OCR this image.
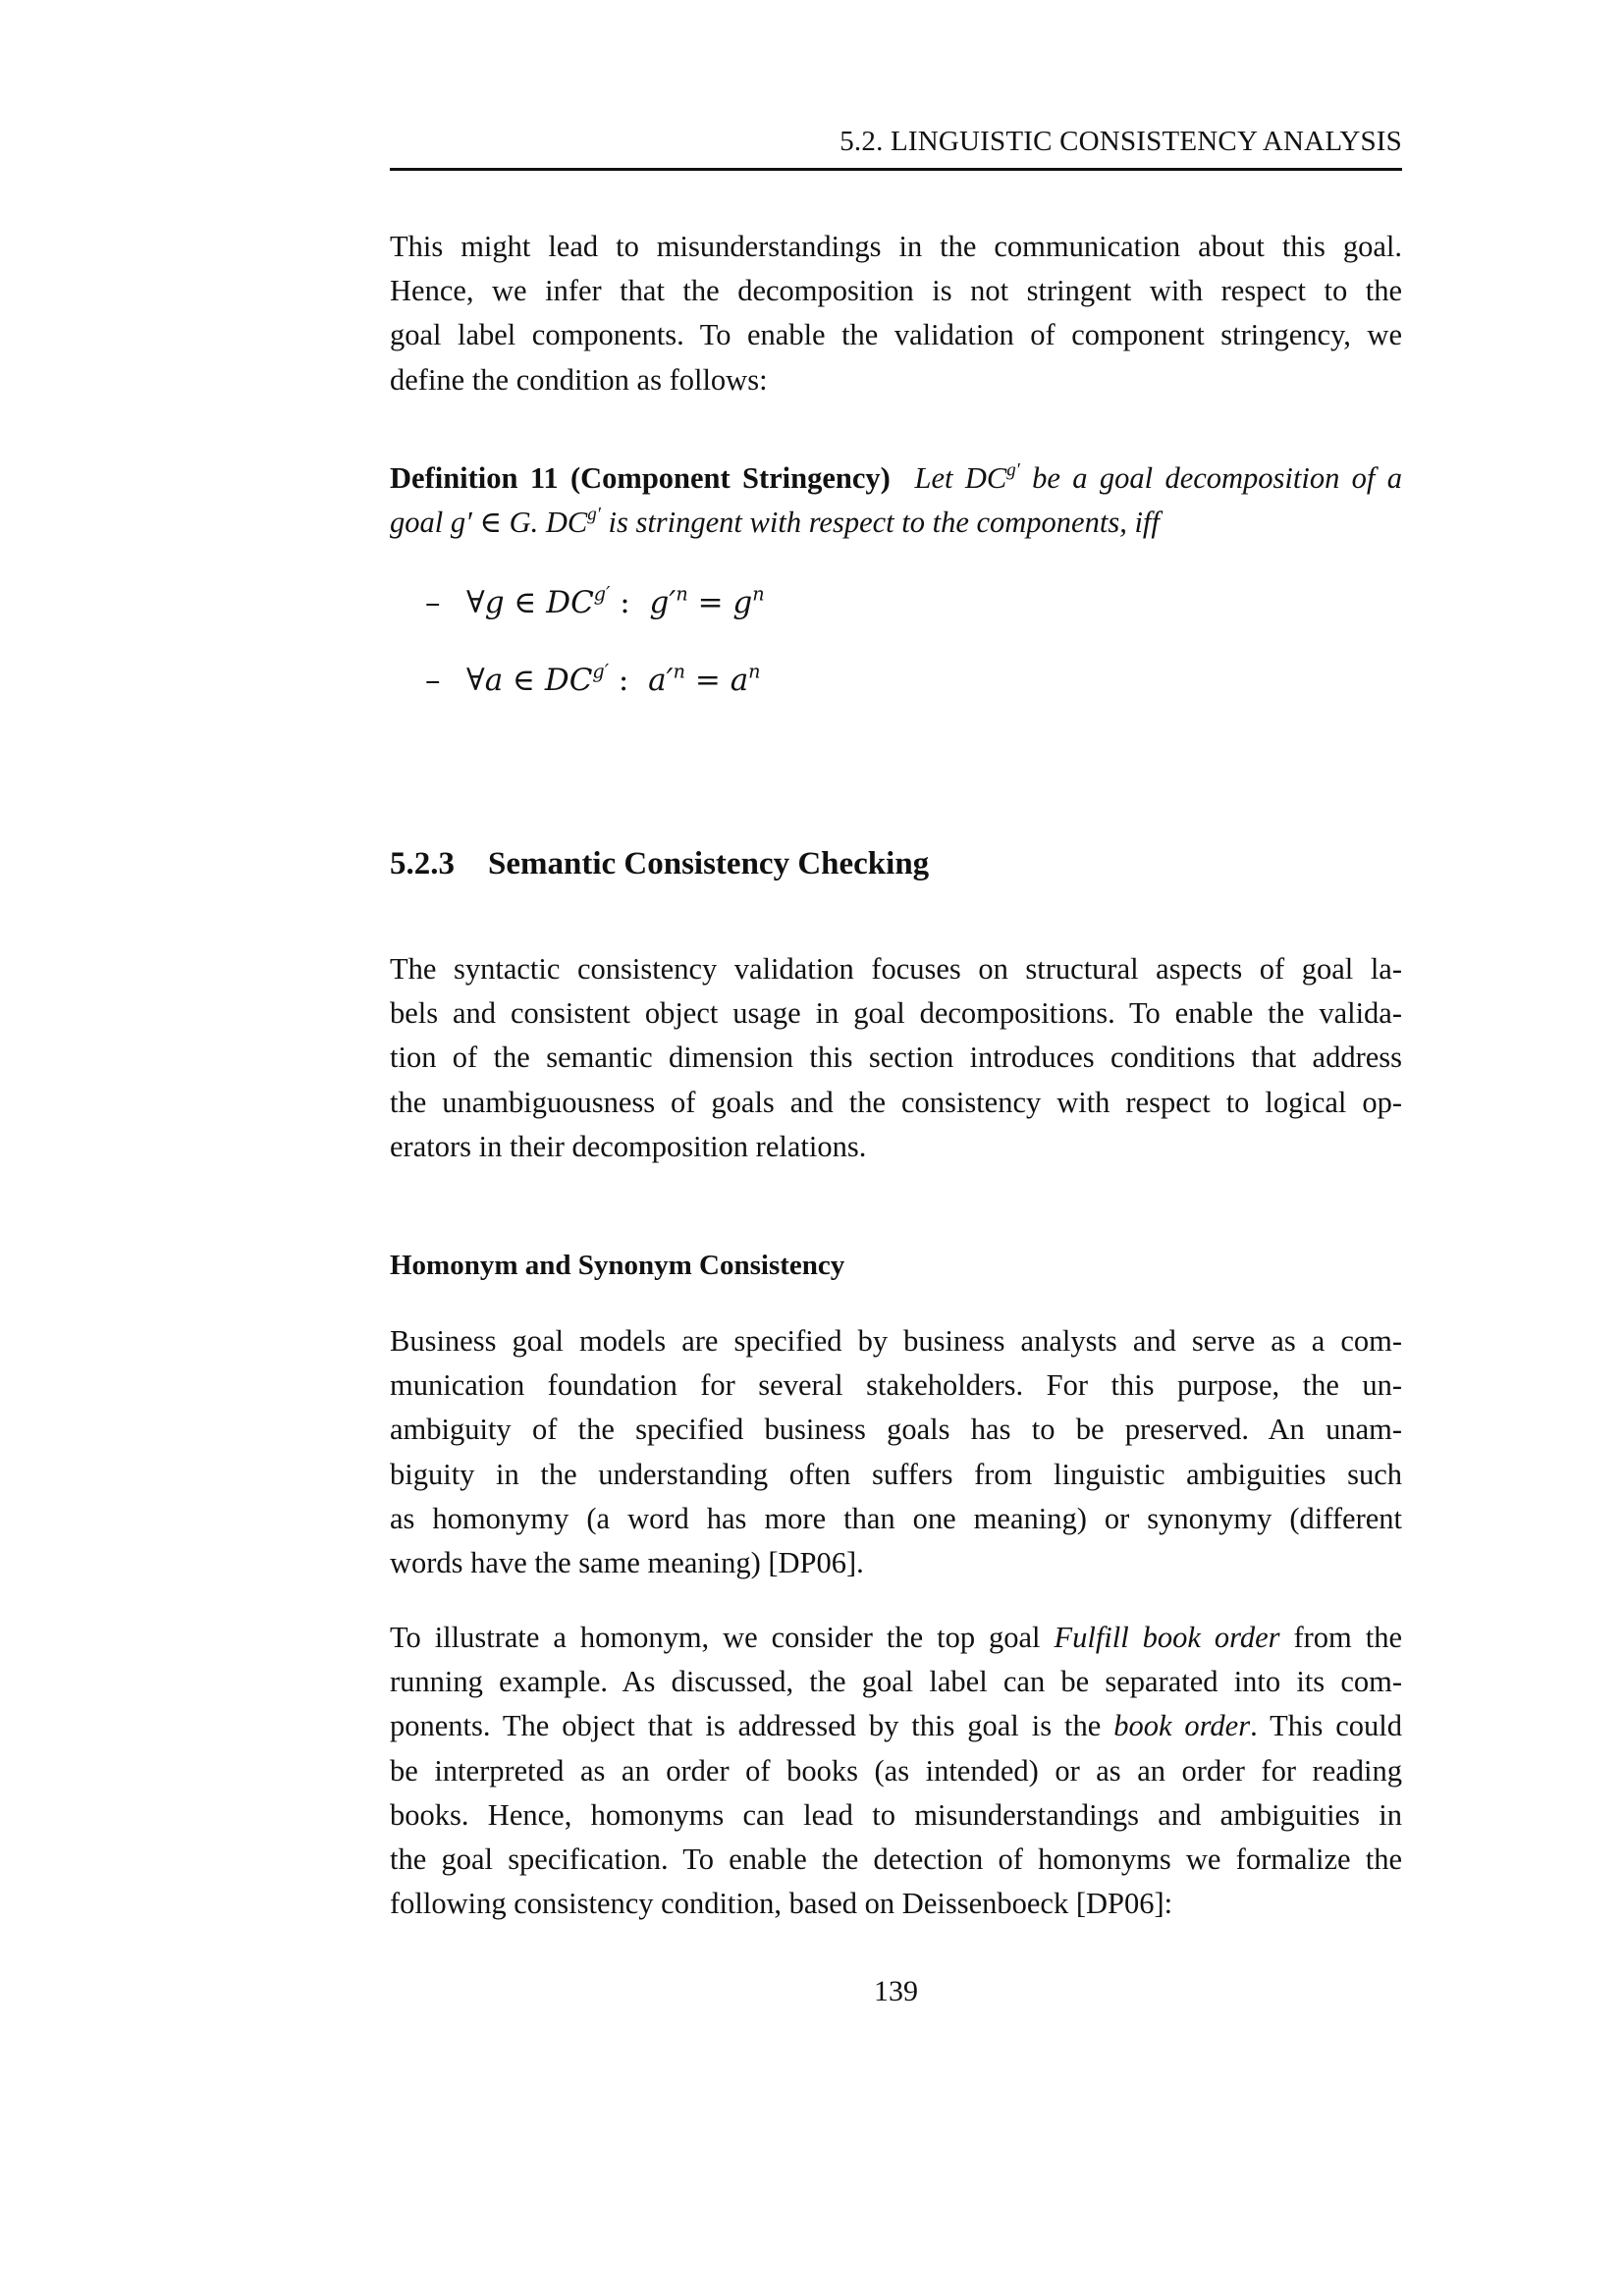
5.2. LINGUISTIC CONSISTENCY ANALYSIS
This might lead to misunderstandings in the communication about this goal.
Hence, we infer that the decomposition is not stringent with respect to the
goal label components. To enable the validation of component stringency, we
define the condition as follows:
Definition 11 (Component Stringency) Let $DC^{g'}$ be a goal decomposition of a
goal g′ ∈ G. $DC^{g'}$ is stringent with respect to the components, iff
– ∀g ∈ $DC^{g'}$ :  $g'^n = g^n$
– ∀a ∈ $DC^{g'}$ :  $a'^n = a^n$
5.2.3 Semantic Consistency Checking
The syntactic consistency validation focuses on structural aspects of goal la-
bels and consistent object usage in goal decompositions. To enable the valida-
tion of the semantic dimension this section introduces conditions that address
the unambiguousness of goals and the consistency with respect to logical op-
erators in their decomposition relations.
Homonym and Synonym Consistency
Business goal models are specified by business analysts and serve as a com-
munication foundation for several stakeholders. For this purpose, the un-
ambiguity of the specified business goals has to be preserved. An unam-
biguity in the understanding often suffers from linguistic ambiguities such
as homonymy (a word has more than one meaning) or synonymy (different
words have the same meaning) [DP06].
To illustrate a homonym, we consider the top goal Fulfill book order from the
running example. As discussed, the goal label can be separated into its com-
ponents. The object that is addressed by this goal is the book order. This could
be interpreted as an order of books (as intended) or as an order for reading
books. Hence, homonyms can lead to misunderstandings and ambiguities in
the goal specification. To enable the detection of homonyms we formalize the
following consistency condition, based on Deissenboeck [DP06]:
139
